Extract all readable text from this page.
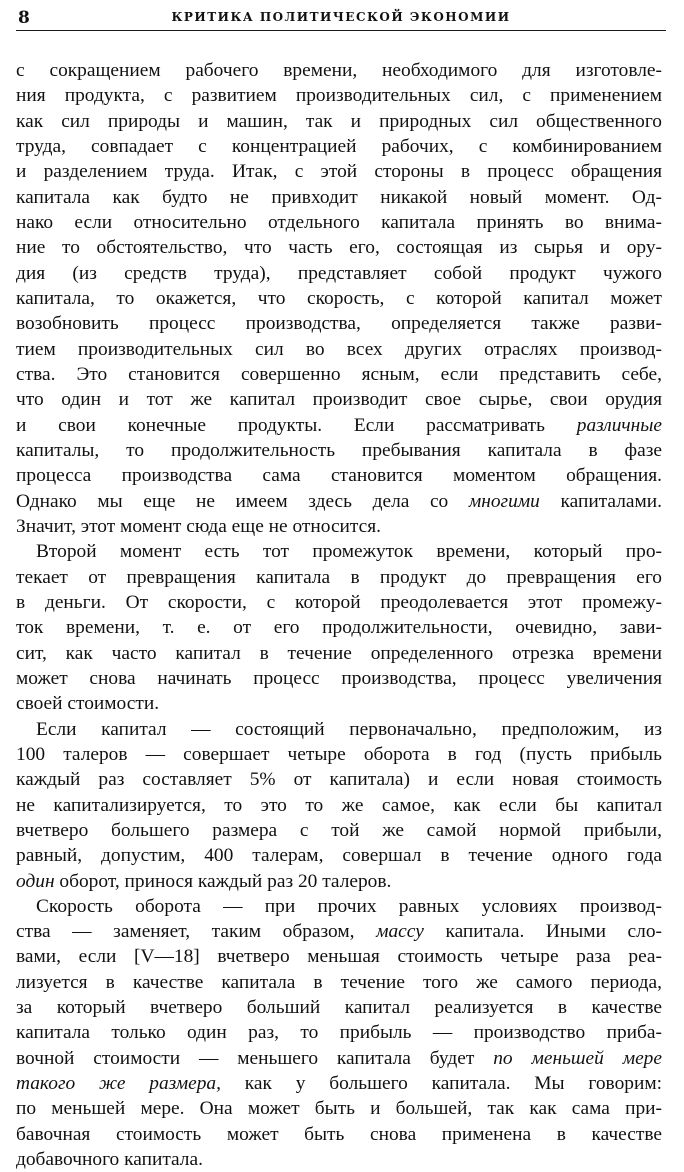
8	КРИТИКА ПОЛИТИЧЕСКОЙ ЭКОНОМИИ
с сокращением рабочего времени, необходимого для изготовле-
ния продукта, с развитием производительных сил, с применением
как сил природы и машин, так и природных сил общественного
труда, совпадает с концентрацией рабочих, с комбинированием
и разделением труда. Итак, с этой стороны в процесс обращения
капитала как будто не привходит никакой новый момент. Од-
нако если относительно отдельного капитала принять во внима-
ние то обстоятельство, что часть его, состоящая из сырья и ору-
дия (из средств труда), представляет собой продукт чужого
капитала, то окажется, что скорость, с которой капитал может
возобновить процесс производства, определяется также разви-
тием производительных сил во всех других отраслях производ-
ства. Это становится совершенно ясным, если представить себе,
что один и тот же капитал производит свое сырье, свои орудия
и свои конечные продукты. Если рассматривать различные
капиталы, то продолжительность пребывания капитала в фазе
процесса производства сама становится моментом обращения.
Однако мы еще не имеем здесь дела со многими капиталами.
Значит, этот момент сюда еще не относится.
Второй момент есть тот промежуток времени, который про-
текает от превращения капитала в продукт до превращения его
в деньги. От скорости, с которой преодолевается этот промежу-
ток времени, т. е. от его продолжительности, очевидно, зави-
сит, как часто капитал в течение определенного отрезка времени
может снова начинать процесс производства, процесс увеличения
своей стоимости.
Если капитал — состоящий первоначально, предположим, из
100 талеров — совершает четыре оборота в год (пусть прибыль
каждый раз составляет 5% от капитала) и если новая стоимость
не капитализируется, то это то же самое, как если бы капитал
вчетверо большего размера с той же самой нормой прибыли,
равный, допустим, 400 талерам, совершал в течение одного года
один оборот, принося каждый раз 20 талеров.
Скорость оборота — при прочих равных условиях производ-
ства — заменяет, таким образом, массу капитала. Иными сло-
вами, если [V—18] вчетверо меньшая стоимость четыре раза реа-
лизуется в качестве капитала в течение того же самого периода,
за который вчетверо больший капитал реализуется в качестве
капитала только один раз, то прибыль — производство приба-
вочной стоимости — меньшего капитала будет по меньшей мере
такого же размера, как у большего капитала. Мы говорим:
по меньшей мере. Она может быть и большей, так как сама при-
бавочная стоимость может быть снова применена в качестве
добавочного капитала.
